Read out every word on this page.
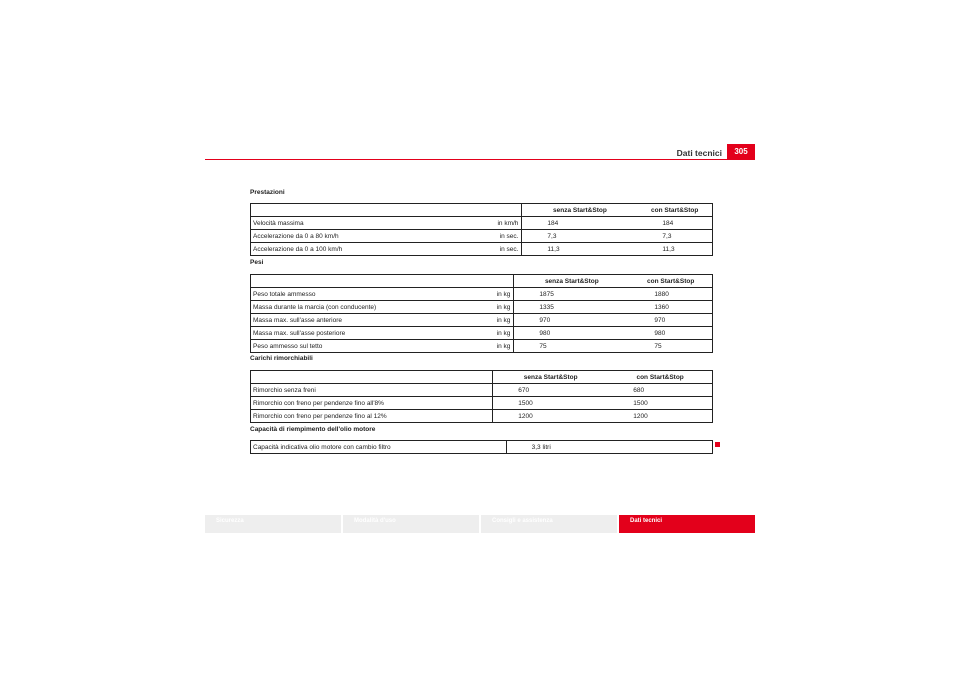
Dati tecnici	305
Prestazioni
		senza Start&Stop	con Start&Stop
Velocità massima	in km/h	184	184
Accelerazione da 0 a 80 km/h	in sec.	7,3	7,3
Accelerazione da 0 a 100 km/h	in sec.	11,3	11,3
Pesi
		senza Start&Stop	con Start&Stop
Peso totale ammesso	in kg	1875	1880
Massa durante la marcia (con conducente)	in kg	1335	1360
Massa max. sull'asse anteriore	in kg	970	970
Massa max. sull'asse posteriore	in kg	980	980
Peso ammesso sul tetto	in kg	75	75
Carichi rimorchiabili
		senza Start&Stop	con Start&Stop
Rimorchio senza freni		670	680
Rimorchio con freno per pendenze fino all'8%		1500	1500
Rimorchio con freno per pendenze fino al 12%		1200	1200
Capacità di riempimento dell'olio motore
Capacità indicativa olio motore con cambio filtro		3,3 litri
Sicurezza	Modalità d'uso	Consigli e assistenza	Dati tecnici
